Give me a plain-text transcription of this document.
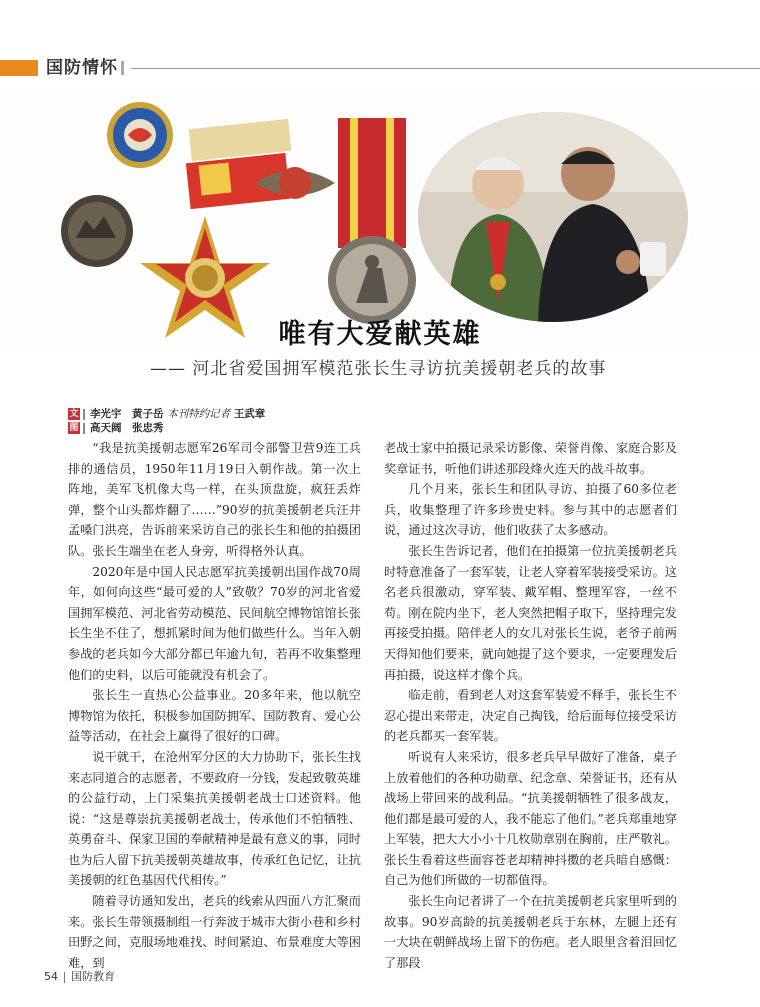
国防情怀
唯有大爱献英雄
—— 河北省爱国拥军模范张长生寻访抗美援朝老兵的故事
文 李光宇　黄子岳 本刊特约记者 王武章
图 高天阔　张忠秀

“我是抗美援朝志愿军26军司令部警卫营9连工兵排的通信员，1950年11月19日入朝作战。第一次上阵地，美军飞机像大鸟一样，在头顶盘旋，疯狂丢炸弹，整个山头都炸翻了……”90岁的抗美援朝老兵汪井孟嗓门洪亮，告诉前来采访自己的张长生和他的拍摄团队。张长生端坐在老人身旁，听得格外认真。

2020年是中国人民志愿军抗美援朝出国作战70周年，如何向这些“最可爱的人”致敬？70岁的河北省爱国拥军模范、河北省劳动模范、民间航空博物馆馆长张长生坐不住了，想抓紧时间为他们做些什么。当年入朝参战的老兵如今大部分都已年逾九旬，若再不收集整理他们的史料，以后可能就没有机会了。

张长生一直热心公益事业。20多年来，他以航空博物馆为依托，积极参加国防拥军、国防教育、爱心公益等活动，在社会上赢得了很好的口碑。

说干就干，在沧州军分区的大力协助下，张长生找来志同道合的志愿者，不要政府一分钱，发起致敬英雄的公益行动，上门采集抗美援朝老战士口述资料。他说：“这是尊崇抗美援朝老战士，传承他们不怕牺牲、英勇奋斗、保家卫国的奉献精神是最有意义的事，同时也为后人留下抗美援朝英雄故事，传承红色记忆，让抗美援朝的红色基因代代相传。”

随着寻访通知发出，老兵的线索从四面八方汇聚而来。张长生带领摄制组一行奔波于城市大街小巷和乡村田野之间，克服场地难找、时间紧迫、布景难度大等困难，到

老战士家中拍摄记录采访影像、荣誉肖像、家庭合影及奖章证书，听他们讲述那段烽火连天的战斗故事。

几个月来，张长生和团队寻访、拍摄了60多位老兵，收集整理了许多珍贵史料。参与其中的志愿者们说，通过这次寻访，他们收获了太多感动。

张长生告诉记者，他们在拍摄第一位抗美援朝老兵时特意准备了一套军装，让老人穿着军装接受采访。这名老兵很激动，穿军装、戴军帽、整理军容，一丝不苟。刚在院内坐下，老人突然把帽子取下，坚持理完发再接受拍摄。陪伴老人的女儿对张长生说，老爷子前两天得知他们要来，就向她提了这个要求，一定要理发后再拍摄，说这样才像个兵。

临走前，看到老人对这套军装爱不释手，张长生不忍心提出来带走，决定自己掏钱，给后面每位接受采访的老兵都买一套军装。

听说有人来采访，很多老兵早早做好了准备，桌子上放着他们的各种功勋章、纪念章、荣誉证书，还有从战场上带回来的战利品。“抗美援朝牺牲了很多战友，他们都是最可爱的人，我不能忘了他们。”老兵郑重地穿上军装，把大大小小十几枚勋章别在胸前，庄严敬礼。张长生看着这些面容苍老却精神抖擞的老兵暗自感慨：自己为他们所做的一切都值得。

张长生向记者讲了一个在抗美援朝老兵家里听到的故事。90岁高龄的抗美援朝老兵于东林，左腿上还有一大块在朝鲜战场上留下的伤疤。老人眼里含着泪回忆了那段

54 国防教育
